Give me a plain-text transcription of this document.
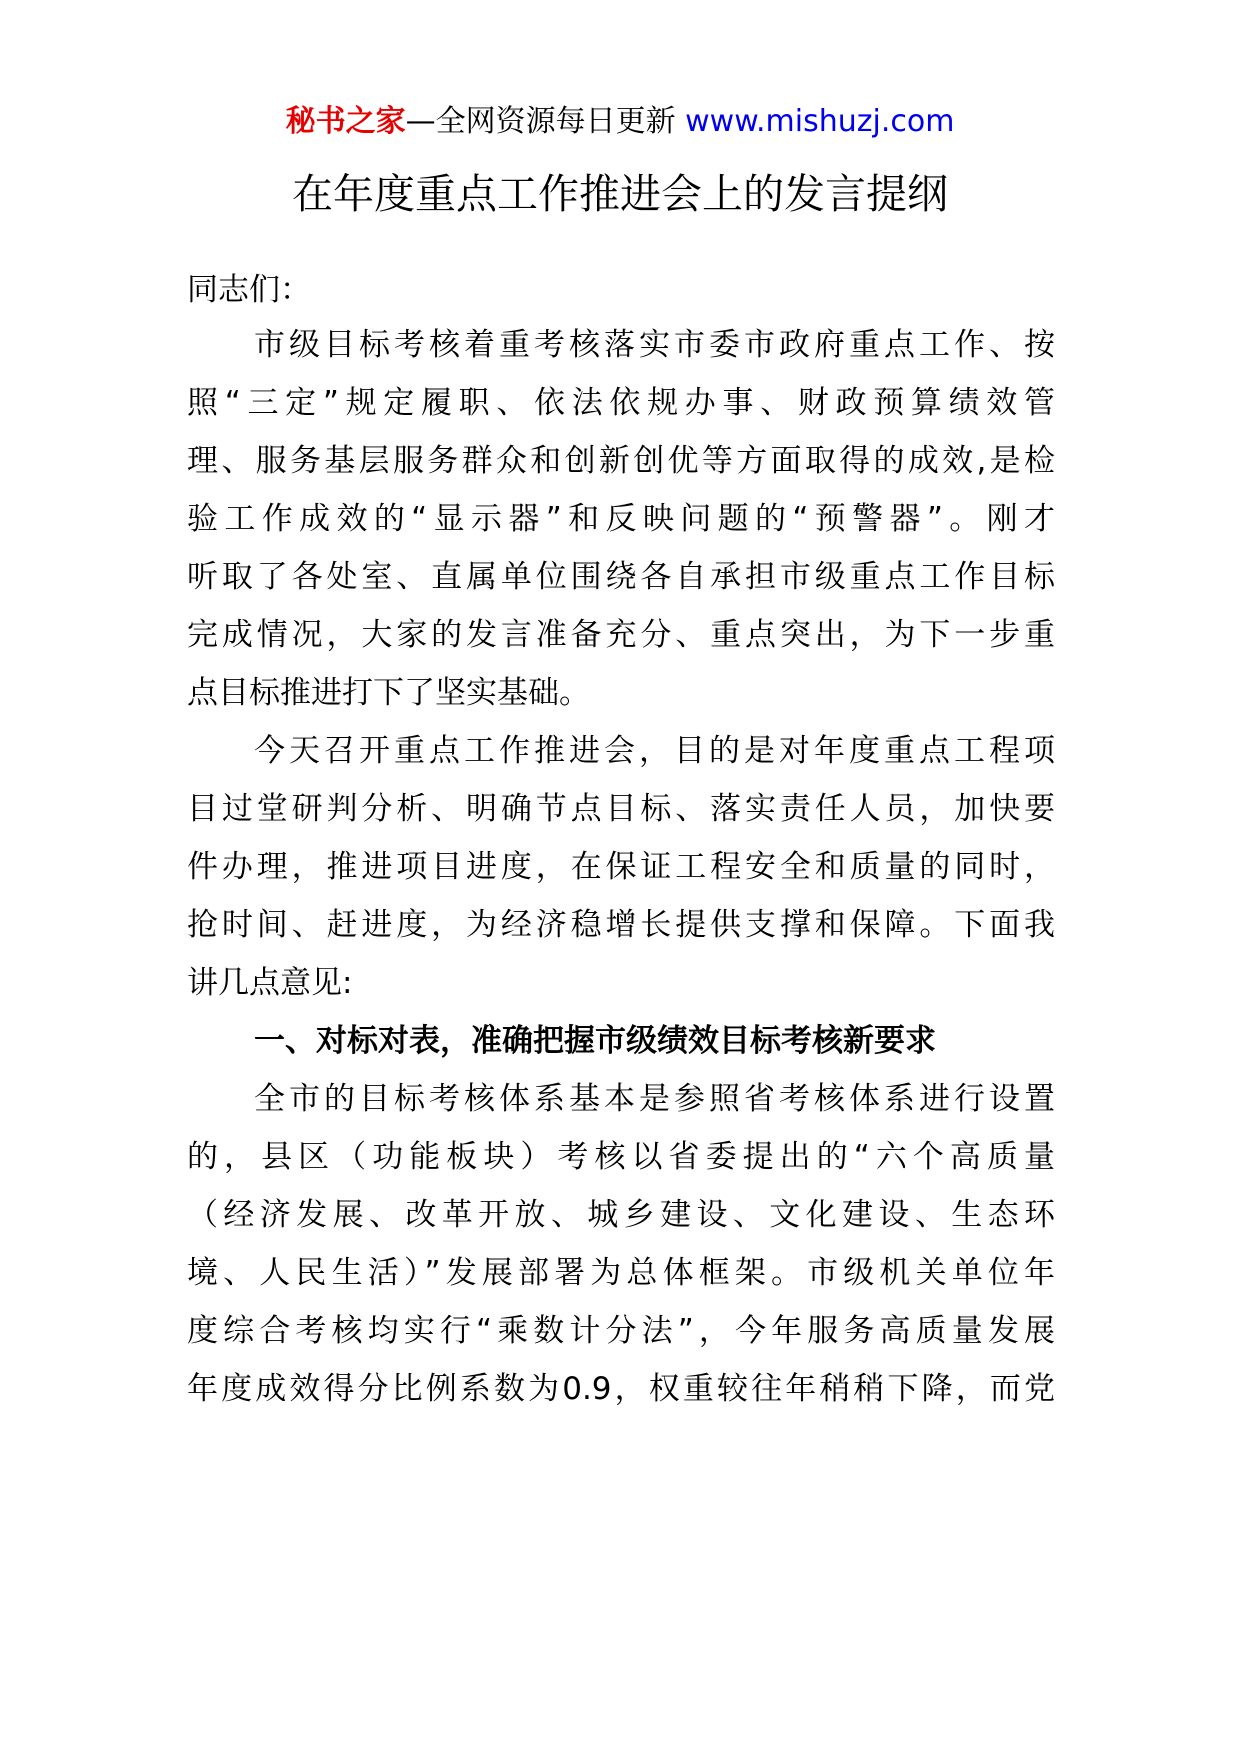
秘书之家—全网资源每日更新 www.mishuzj.com
在年度重点工作推进会上的发言提纲
同志们：
市级目标考核着重考核落实市委市政府重点工作、按
照“三定”规定履职、依法依规办事、财政预算绩效管
理、服务基层服务群众和创新创优等方面取得的成效,是检
验工作成效的“显示器”和反映问题的“预警器”。刚才
听取了各处室、直属单位围绕各自承担市级重点工作目标
完成情况，大家的发言准备充分、重点突出，为下一步重
点目标推进打下了坚实基础。
今天召开重点工作推进会，目的是对年度重点工程项
目过堂研判分析、明确节点目标、落实责任人员，加快要
件办理，推进项目进度，在保证工程安全和质量的同时，
抢时间、赶进度，为经济稳增长提供支撑和保障。下面我
讲几点意见:
一、对标对表，准确把握市级绩效目标考核新要求
全市的目标考核体系基本是参照省考核体系进行设置
的，县区（功能板块）考核以省委提出的“六个高质量
（经济发展、改革开放、城乡建设、文化建设、生态环
境、人民生活）”发展部署为总体框架。市级机关单位年
度综合考核均实行“乘数计分法”，今年服务高质量发展
年度成效得分比例系数为0.9，权重较往年稍稍下降，而党
